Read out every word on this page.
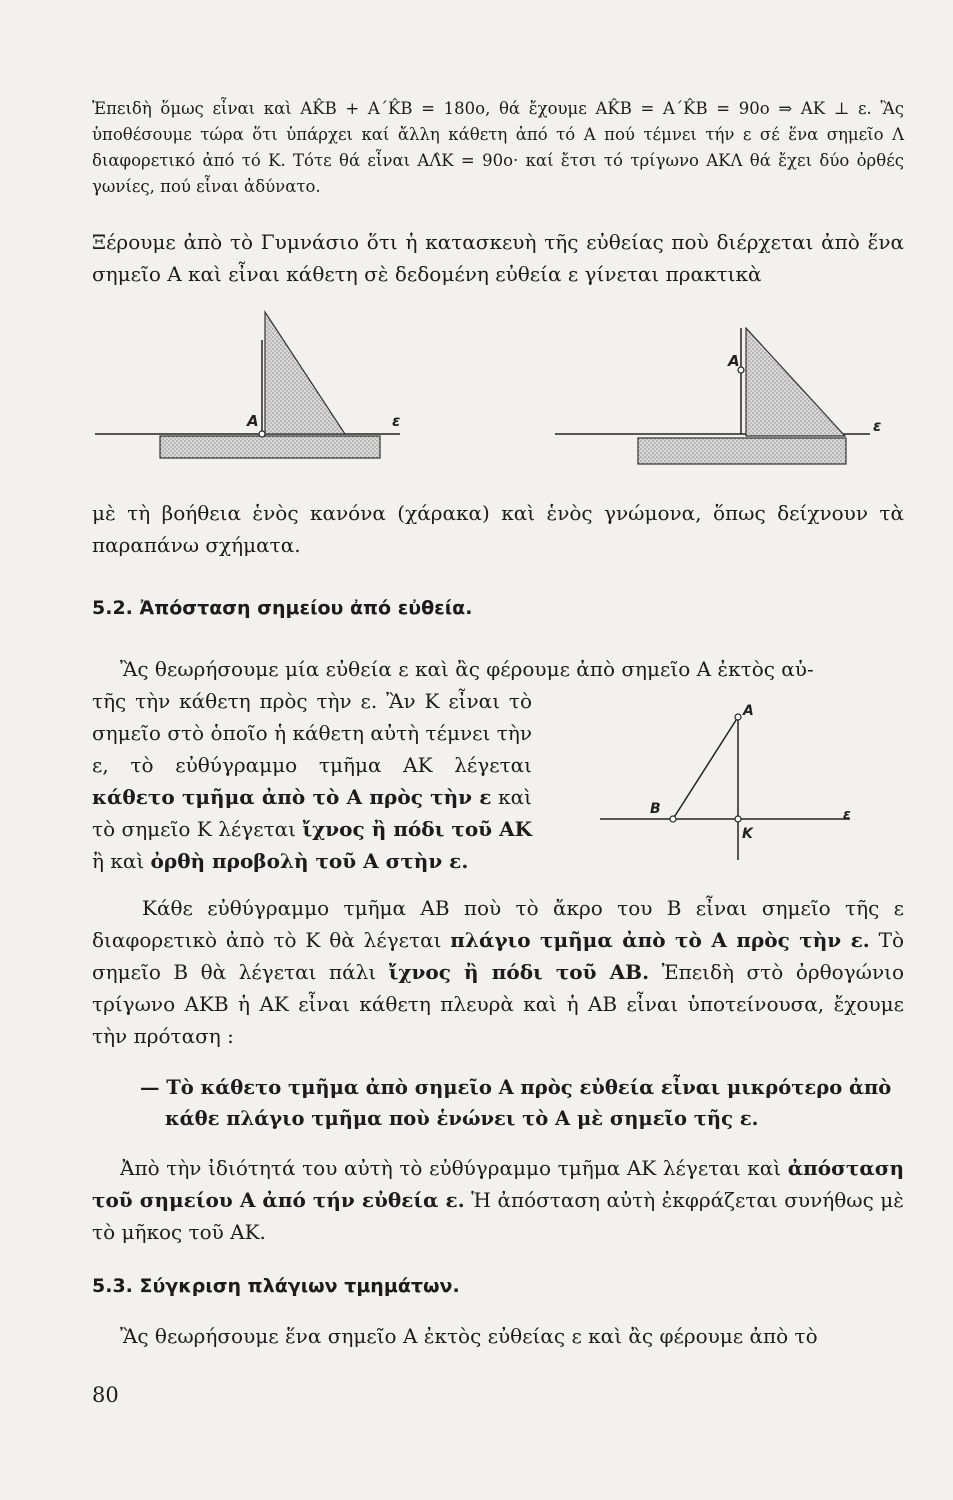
Ἐπειδὴ ὅμως εἶναι καὶ ΑK̂Β + Α΄K̂Β = 180ο, θά ἔχουμε ΑK̂Β = Α΄K̂Β = 90ο ⇒ ΑΚ ⊥ ε. Ἂς ὑποθέσουμε τώρα ὅτι ὑπάρχει καί ἄλλη κάθετη ἀπό τό Α πού τέμνει τήν ε σέ ἕνα σημεῖο Λ διαφορετικό ἀπό τό Κ. Τότε θά εἶναι ΑΛ̂Κ = 90ο· καί ἔτσι τό τρίγωνο ΑΚΛ θά ἔχει δύο ὀρθές γωνίες, πού εἶναι ἀδύνατο.

Ξέρουμε ἀπὸ τὸ Γυμνάσιο ὅτι ἡ κατασκευὴ τῆς εὐθείας ποὺ διέρχεται ἀπὸ ἕνα σημεῖο Α καὶ εἶναι κάθετη σὲ δεδομένη εὐθεία ε γίνεται πρακτικὰ

Α	ε
Α
ε

μὲ τὴ βοήθεια ἑνὸς κανόνα (χάρακα) καὶ ἑνὸς γνώμονα, ὅπως δείχνουν τὰ παραπάνω σχήματα.

5.2. Ἀπόσταση σημείου ἀπό εὐθεία.

Ἂς θεωρήσουμε μία εὐθεία ε καὶ ἂς φέρουμε ἀπὸ σημεῖο Α ἐκτὸς αὐ-

τῆς τὴν κάθετη πρὸς τὴν ε. Ἂν Κ εἶναι τὸ σημεῖο στὸ ὁποῖο ἡ κάθετη αὐτὴ τέμνει τὴν ε, τὸ εὐθύγραμμο τμῆμα ΑΚ λέγεται κάθετο τμῆμα ἀπὸ τὸ Α πρὸς τὴν ε καὶ τὸ σημεῖο Κ λέγεται ἴχνος ἢ πόδι τοῦ ΑΚ ἢ καὶ ὀρθὴ προβολὴ τοῦ Α στὴν ε.

Α
Β
Κ
ε

Κάθε εὐθύγραμμο τμῆμα ΑΒ ποὺ τὸ ἄκρο του Β εἶναι σημεῖο τῆς ε διαφορετικὸ ἀπὸ τὸ Κ θὰ λέγεται πλάγιο τμῆμα ἀπὸ τὸ Α πρὸς τὴν ε. Τὸ σημεῖο Β θὰ λέγεται πάλι ἴχνος ἢ πόδι τοῦ ΑΒ. Ἐπειδὴ στὸ ὀρθογώνιο τρίγωνο ΑΚΒ ἡ ΑΚ εἶναι κάθετη πλευρὰ καὶ ἡ ΑΒ εἶναι ὑποτείνουσα, ἔχουμε τὴν πρόταση :

— Τὸ κάθετο τμῆμα ἀπὸ σημεῖο Α πρὸς εὐθεία εἶναι μικρότερο ἀπὸ
κάθε πλάγιο τμῆμα ποὺ ἑνώνει τὸ Α μὲ σημεῖο τῆς ε.

Ἀπὸ τὴν ἰδιότητά του αὐτὴ τὸ εὐθύγραμμο τμῆμα ΑΚ λέγεται καὶ ἀπόσταση τοῦ σημείου Α ἀπό τήν εὐθεία ε. Ἡ ἀπόσταση αὐτὴ ἐκφράζεται συνήθως μὲ τὸ μῆκος τοῦ ΑΚ.

5.3. Σύγκριση πλάγιων τμημάτων.

Ἂς θεωρήσουμε ἕνα σημεῖο Α ἐκτὸς εὐθείας ε καὶ ἂς φέρουμε ἀπὸ τὸ

80
